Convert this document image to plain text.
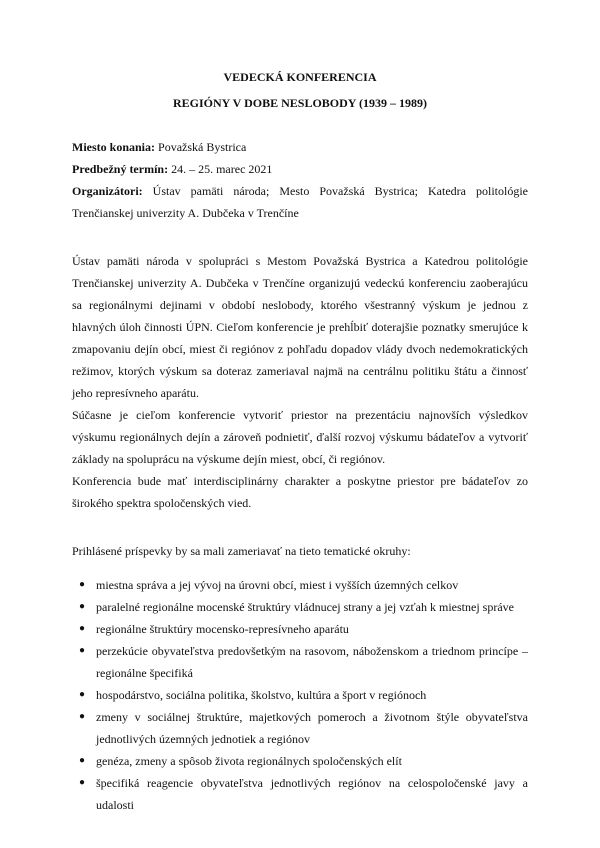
VEDECKÁ KONFERENCIA

REGIÓNY V DOBE NESLOBODY (1939 – 1989)

Miesto konania: Považská Bystrica

Predbežný termín: 24. – 25. marec 2021

Organizátori: Ústav pamäti národa; Mesto Považská Bystrica; Katedra politológie Trenčianskej univerzity A. Dubčeka v Trenčíne

Ústav pamäti národa v spolupráci s Mestom Považská Bystrica a Katedrou politológie Trenčianskej univerzity A. Dubčeka v Trenčíne organizujú vedeckú konferenciu zaoberajúcu sa regionálnymi dejinami v období neslobody, ktorého všestranný výskum je jednou z hlavných úloh činnosti ÚPN. Cieľom konferencie je prehĺbiť doterajšie poznatky smerujúce k zmapovaniu dejín obcí, miest či regiónov z pohľadu dopadov vlády dvoch nedemokratických režimov, ktorých výskum sa doteraz zameriaval najmä na centrálnu politiku štátu a činnosť jeho represívneho aparátu.

Súčasne je cieľom konferencie vytvoriť priestor na prezentáciu najnovších výsledkov výskumu regionálnych dejín a zároveň podnietiť, ďalší rozvoj výskumu bádateľov a vytvoriť základy na spoluprácu na výskume dejín miest, obcí, či regiónov.

Konferencia bude mať interdisciplinárny charakter a poskytne priestor pre bádateľov zo širokého spektra spoločenských vied.

Prihlásené príspevky by sa mali zameriavať na tieto tematické okruhy:

● miestna správa a jej vývoj na úrovni obcí, miest i vyšších územných celkov
● paralelné regionálne mocenské štruktúry vládnucej strany a jej vzťah k miestnej správe
● regionálne štruktúry mocensko-represívneho aparátu
● perzekúcie obyvateľstva predovšetkým na rasovom, náboženskom a triednom princípe – regionálne špecifiká
● hospodárstvo, sociálna politika, školstvo, kultúra a šport v regiónoch
● zmeny v sociálnej štruktúre, majetkových pomeroch a životnom štýle obyvateľstva jednotlivých územných jednotiek a regiónov
● genéza, zmeny a spôsob života regionálnych spoločenských elít
● špecifiká reagencie obyvateľstva jednotlivých regiónov na celospoločenské javy a udalosti
